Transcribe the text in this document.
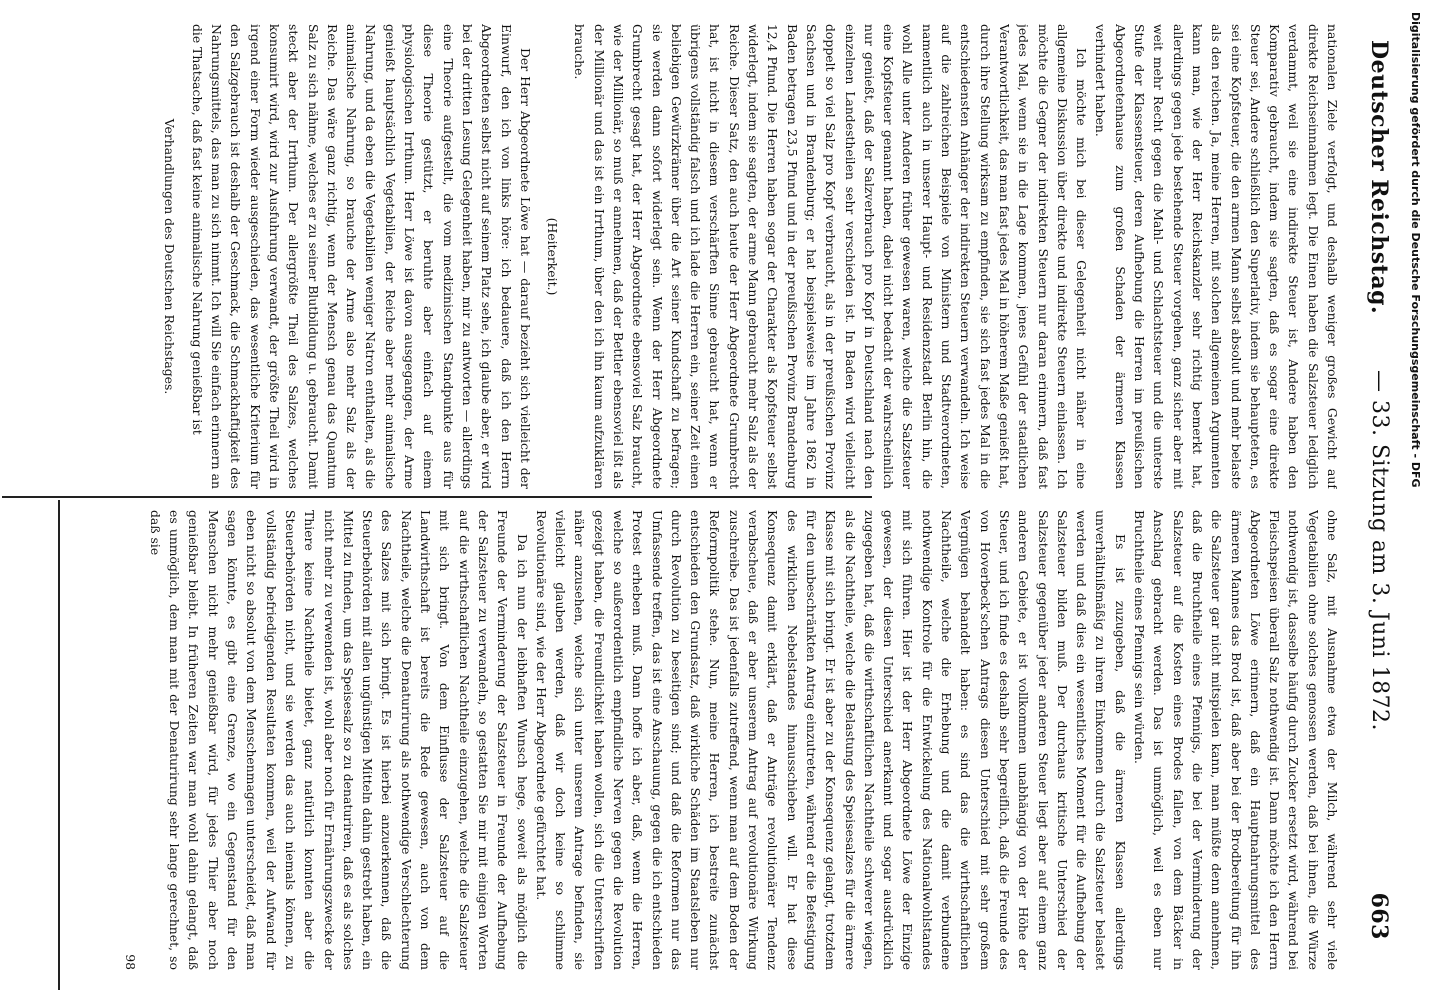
Deutscher Reichstag.
— 33. Sitzung am 3. Juni 1872.
663

nationalen Ziele verfolgt, und deshalb weniger großes Gewicht auf direkte Reichseinnahmen legt. Die Einen haben die Salzsteuer lediglich verdammt, weil sie eine indirekte Steuer ist, Andere haben den Komparativ gebraucht, indem sie sagten, daß es sogar eine direkte Steuer sei, Andere schließlich den Superlativ, indem sie behaupteten, es sei eine Kopfsteuer, die den armen Mann selbst absolut und mehr belaste als den reichen. Ja, meine Herren, mit solchen allgemeinen Argumenten kann man, wie der Herr Reichskanzler sehr richtig bemerkt hat, allerdings gegen jede bestehende Steuer vorgehen, ganz sicher aber mit weit mehr Recht gegen die Mahl- und Schlachtsteuer und die unterste Stufe der Klassensteuer, deren Aufhebung die Herren im preußischen Abgeordnetenhause zum großen Schaden der ärmeren Klassen verhindert haben.

Ich möchte mich bei dieser Gelegenheit nicht näher in eine allgemeine Diskussion über direkte und indirekte Steuern einlassen. Ich möchte die Gegner der indirekten Steuern nur daran erinnern, daß fast jedes Mal, wenn sie in die Lage kommen, jenes Gefühl der staatlichen Verantwortlichkeit, das man fast jedes Mal in höherem Maße genießt hat, durch ihre Stellung wirksam zu empfinden, sie sich fast jedes Mal in die entschiedensten Anhänger der indirekten Steuern verwandeln. Ich weise auf die zahlreichen Beispiele von Ministern und Stadtverordneten, namentlich auch in unserer Haupt- und Residenzstadt Berlin hin, die wohl Alle unter Anderen früher gewesen waren, welche die Salzsteuer eine Kopfsteuer genannt haben, dabei nicht bedacht der wahrscheinlich nur genießt, daß der Salzverbrauch pro Kopf in Deutschland nach den einzelnen Landestheilen sehr verschieden ist. In Baden wird vielleicht doppelt so viel Salz pro Kopf verbraucht, als in der preußischen Provinz Sachsen und in Brandenburg; er hat beispielsweise im Jahre 1862 in Baden betragen 23,5 Pfund und in der preußischen Provinz Brandenburg 12,4 Pfund. Die Herren haben sogar der Charakter als Kopfsteuer selbst widerlegt, indem sie sagten, der arme Mann gebraucht mehr Salz als der Reiche. Dieser Satz, den auch heute der Herr Abgeordnete Grumbrecht hat, ist nicht in diesem verschärften Sinne gebraucht hat, wenn er übrigens vollständig falsch und ich lade die Herren ein, seiner Zeit einen beliebigen Gewürzkrämer über die Art seiner Kundschaft zu befragen; sie werden dann sofort widerlegt sein. Wenn der Herr Abgeordnete Grumbrecht gesagt hat, der Herr Abgeordnete ebensoviel Salz braucht, wie der Millionär, so muß er annehmen, daß der Bettler ebensoviel ißt als der Millionär und das ist ein Irrthum, über den ich ihn kaum aufzuklären brauche.

(Heiterkeit.)

Der Herr Abgeordnete Löwe hat — darauf bezieht sich vielleicht der Einwurf, den ich von links höre: ich bedauere, daß ich den Herrn Abgeordneten selbst nicht auf seinem Platz sehe, ich glaube aber, er wird bei der dritten Lesung Gelegenheit haben, mir zu antworten — allerdings eine Theorie aufgestellt, die vom medizinischen Standpunkte aus für diese Theorie gestützt, er beruhte aber einfach auf einem physiologischen Irrthum. Herr Löwe ist davon ausgegangen, der Arme genießt hauptsächlich Vegetabilien, der Reiche aber mehr animalische Nahrung, und da eben die Vegetabilien weniger Natron enthalten, als die animalische Nahrung, so brauche der Arme also mehr Salz als der Reiche. Das wäre ganz richtig, wenn der Mensch genau das Quantum Salz zu sich nähme, welches er zu seiner Blutbildung u. gebraucht. Damit steckt aber der Irrthum. Der allergrößte Theil des Salzes, welches konsumirt wird, wird zur Ausfuhrung verwandt, der größte Theil wird in irgend einer Form wieder ausgeschieden, das wesentliche Kriterium für den Salzgebrauch ist deshalb der Geschmack, die Schmackhaftigkeit des Nahrungsmittels, das man zu sich nimmt. Ich will Sie einfach erinnern an die Thatsache, daß fast keine animalische Nahrung genießbar ist

Verhandlungen des Deutschen Reichstages.

ohne Salz, mit Ausnahme etwa der Milch, während sehr viele Vegetabilien ohne solches genossen werden, daß bei ihnen, die Würze nothwendig ist, dasselbe häufig durch Zucker ersetzt wird, während bei Fleischspeisen überall Salz nothwendig ist. Dann möchte ich den Herrn Abgeordneten Löwe erinnern, daß ein Hauptnahrungsmittel des ärmeren Mannes das Brod ist, daß aber bei der Brodbereitung für ihn die Salzsteuer gar nicht mitspielen kann, man müßte denn annehmen, daß die Bruchtheile eines Pfennigs, die bei der Verminderung der Salzsteuer auf die Kosten eines Brodes fallen, von dem Bäcker in Anschlag gebracht werden. Das ist unmöglich, weil es eben nur Bruchtheile eines Pfennigs sein würden.

Es ist zuzugeben, daß die ärmeren Klassen allerdings unverhältnißmäßig zu ihrem Einkommen durch die Salzsteuer belastet werden und daß dies ein wesentliches Moment für die Aufhebung der Salzsteuer bilden muß. Der durchaus kritische Unterschied der Salzsteuer gegenüber jeder anderen Steuer liegt aber auf einem ganz anderen Gebiete, er ist vollkommen unabhängig von der Höhe der Steuer, und ich finde es deshalb sehr begreiflich, daß die Freunde des von Hoverbeck'schen Antrags diesen Unterschied mit sehr großem Vergnügen behandelt haben: es sind das die wirthschaftlichen Nachtheile, welche die Erhebung und die damit verbundene nothwendige Kontrole für die Entwickelung des Nationalwohlstandes mit sich führen. Hier ist der Herr Abgeordnete Löwe der Einzige gewesen, der diesen Unterschied anerkannt und sogar ausdrücklich zugegeben hat, daß die wirthschaftlichen Nachtheile schwerer wiegen, als die Nachtheile, welche die Belastung des Speisesalzes für die ärmere Klasse mit sich bringt. Er ist aber zu der Konsequenz gelangt, trotzdem für den unbeschränkten Antrag einzutreten, während er die Befestigung des wirklichen Nebelstandes hinausschieben will. Er hat diese Konsequenz damit erklärt, daß er Anträge revolutionärer Tendenz verabscheue, daß er aber unserem Antrag auf revolutionäre Wirkung zuschreibe. Das ist jedenfalls zutreffend, wenn man auf dem Boden der Reformpolitik stehe. Nun, meine Herren, ich bestreite zunächst entschieden den Grundsatz, daß wirkliche Schäden im Staatsleben nur durch Revolution zu beseitigen sind; und daß die Reformen nur das Umfassende treffen, das ist eine Anschauung, gegen die ich entschieden Protest erheben muß. Dann hoffe ich aber, daß, wenn die Herren, welche so außerordentlich empfindliche Nerven gegen die Revolution gezeigt haben, die Freundlichkeit haben wollen, sich die Unterschriften näher anzusehen, welche sich unter unserem Antrage befinden, sie vielleicht glauben werden, daß wir doch keine so schlimme Revolutionäre sind, wie der Herr Abgeordnete gefürchtet hat.

Da ich nun der leibhaften Wunsch hege, soweit als möglich die Freunde der Verminderung der Salzsteuer in Freunde der Aufhebung der Salzsteuer zu verwandeln, so gestatten Sie mir mit einigen Worten auf die wirthschaftlichen Nachtheile einzugehen, welche die Salzsteuer mit sich bringt. Von dem Einflusse der Salzsteuer auf die Landwirthschaft ist bereits die Rede gewesen, auch von dem Nachtheile, welche die Denaturirung als nothwendige Verschlechterung des Salzes mit sich bringt. Es ist hierbei anzuerkennen, daß die Steuerbehörden mit allen ungünstigen Mitteln dahin gestrebt haben, ein Mittel zu finden, um das Speisesalz so zu denaturiren, daß es als solches nicht mehr zu verwenden ist, wohl aber noch für Ernährungszwecke der Thiere keine Nachtheile bietet, ganz natürlich konnten aber die Steuerbehörden nicht, und sie werden das auch niemals können, zu vollständig befriedigenden Resultaten kommen, weil der Aufwand für eben nicht so absolut von dem Menschenmagen unterscheidet, daß man sagen könnte, es gibt eine Grenze, wo ein Gegenstand für den Menschen nicht mehr genießbar wird, für jedes Thier aber noch genießbar bleibt. In früheren Zeiten war man wohl dahin gelangt, daß es unmöglich, dem man mit der Denaturirung sehr lange gerechnet, so daß sie

98

Digitalisierung gefördert durch die Deutsche Forschungsgemeinschaft - DFG
